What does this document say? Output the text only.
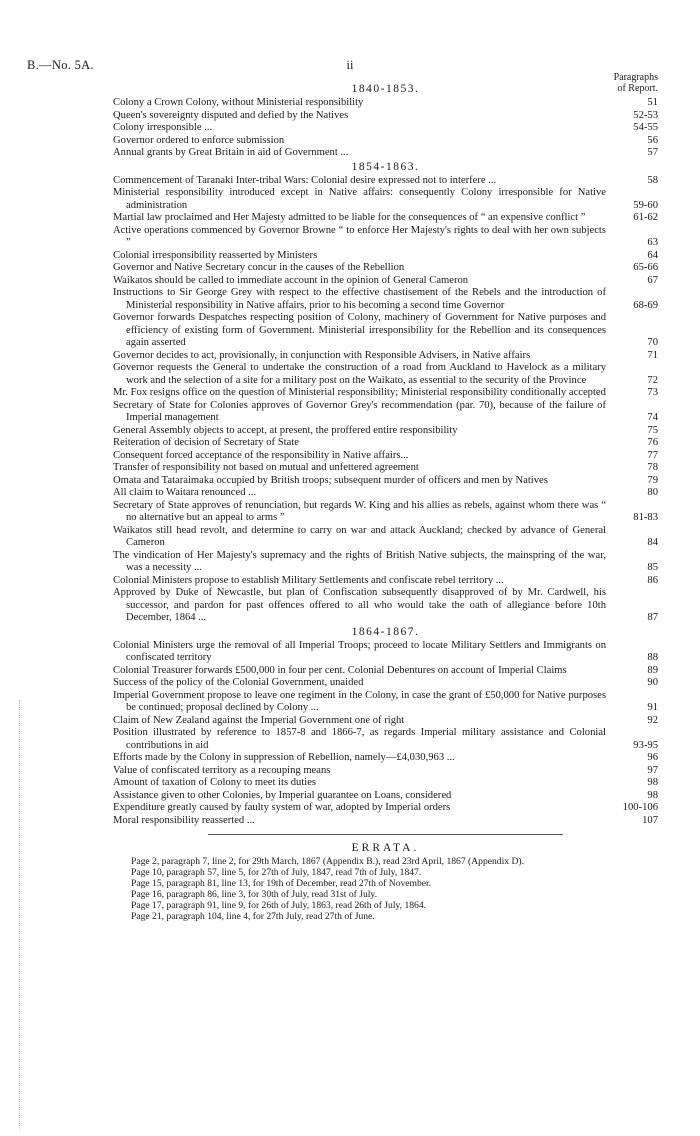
B.—No. 5A.	ii
Paragraphs
of Report.
1840-1853.
Colony a Crown Colony, without Ministerial responsibility	51
Queen's sovereignty disputed and defied by the Natives	52-53
Colony irresponsible ...	54-55
Governor ordered to enforce submission	56
Annual grants by Great Britain in aid of Government ...	57
1854-1863.
Commencement of Taranaki Inter-tribal Wars: Colonial desire expressed not to interfere ...	58
Ministerial responsibility introduced except in Native affairs: consequently Colony irresponsible for Native administration	59-60
Martial law proclaimed and Her Majesty admitted to be liable for the consequences of “ an expensive conflict ”	61-62
Active operations commenced by Governor Browne “ to enforce Her Majesty's rights to deal with her own subjects ”	63
Colonial irresponsibility reasserted by Ministers	64
Governor and Native Secretary concur in the causes of the Rebellion	65-66
Waikatos should be called to immediate account in the opinion of General Cameron	67
Instructions to Sir George Grey with respect to the effective chastisement of the Rebels and the introduction of Ministerial responsibility in Native affairs, prior to his becoming a second time Governor	68-69
Governor forwards Despatches respecting position of Colony, machinery of Government for Native purposes and efficiency of existing form of Government. Ministerial irresponsibility for the Rebellion and its consequences again asserted	70
Governor decides to act, provisionally, in conjunction with Responsible Advisers, in Native affairs	71
Governor requests the General to undertake the construction of a road from Auckland to Havelock as a military work and the selection of a site for a military post on the Waikato, as essential to the security of the Province	72
Mr. Fox resigns office on the question of Ministerial responsibility; Ministerial responsibility conditionally accepted	73
Secretary of State for Colonies approves of Governor Grey's recommendation (par. 70), because of the failure of Imperial management	74
General Assembly objects to accept, at present, the proffered entire responsibility	75
Reiteration of decision of Secretary of State	76
Consequent forced acceptance of the responsibility in Native affairs...	77
Transfer of responsibility not based on mutual and unfettered agreement	78
Omata and Tataraimaka occupied by British troops; subsequent murder of officers and men by Natives	79
All claim to Waitara renounced ...	80
Secretary of State approves of renunciation, but regards W. King and his allies as rebels, against whom there was “ no alternative but an appeal to arms ”	81-83
Waikatos still head revolt, and determine to carry on war and attack Auckland; checked by advance of General Cameron	84
The vindication of Her Majesty's supremacy and the rights of British Native subjects, the mainspring of the war, was a necessity ...	85
Colonial Ministers propose to establish Military Settlements and confiscate rebel territory ...	86
Approved by Duke of Newcastle, but plan of Confiscation subsequently disapproved of by Mr. Cardwell, his successor, and pardon for past offences offered to all who would take the oath of allegiance before 10th December, 1864 ...	87
1864-1867.
Colonial Ministers urge the removal of all Imperial Troops; proceed to locate Military Settlers and Immigrants on confiscated territory	88
Colonial Treasurer forwards £500,000 in four per cent. Colonial Debentures on account of Imperial Claims	89
Success of the policy of the Colonial Government, unaided	90
Imperial Government propose to leave one regiment in the Colony, in case the grant of £50,000 for Native purposes be continued; proposal declined by Colony ...	91
Claim of New Zealand against the Imperial Government one of right	92
Position illustrated by reference to 1857-8 and 1866-7, as regards Imperial military assistance and Colonial contributions in aid	93-95
Efforts made by the Colony in suppression of Rebellion, namely—£4,030,963 ...	96
Value of confiscated territory as a recouping means	97
Amount of taxation of Colony to meet its duties	98
Assistance given to other Colonies, by Imperial guarantee on Loans, considered	98
Expenditure greatly caused by faulty system of war, adopted by Imperial orders	100-106
Moral responsibility reasserted ...	107
ERRATA.
Page 2, paragraph 7, line 2, for 29th March, 1867 (Appendix B.), read 23rd April, 1867 (Appendix D).
Page 10, paragraph 57, line 5, for 27th of July, 1847, read 7th of July, 1847.
Page 15, paragraph 81, line 13, for 19th of December, read 27th of November.
Page 16, paragraph 86, line 3, for 30th of July, read 31st of July.
Page 17, paragraph 91, line 9, for 26th of July, 1863, read 26th of July, 1864.
Page 21, paragraph 104, line 4, for 27th July, read 27th of June.
